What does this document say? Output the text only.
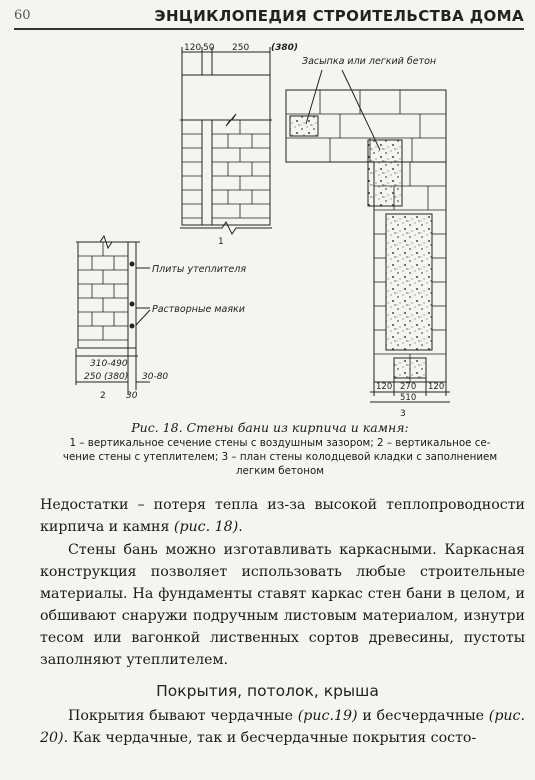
60	ЭНЦИКЛОПЕДИЯ СТРОИТЕЛЬСТВА ДОМА
120 50 250 (380)
1
Засыпка или легкий бетон
Плиты утеплителя
Растворные маяки
310-490
250 (380) 30-80
2 30
120 270 120
510
3
Рис. 18. Стены бани из кирпича и камня:
1 – вертикальное сечение стены с воздушным зазором; 2 – вертикальное се-
чение стены с утеплителем; 3 – план стены колодцевой кладки с заполнением
легким бетоном
Недостатки – потеря тепла из-за высокой теплопроводности кирпича и камня (рис. 18).
Стены бань можно изготавливать каркасными. Каркасная конструкция позволяет использовать любые строительные материалы. На фундаменты ставят каркас стен бани в целом, и обшивают снаружи подручным листовым материалом, изнутри тесом или вагонкой лиственных сортов древесины, пустоты заполняют утеплителем.
Покрытия, потолок, крыша
Покрытия бывают чердачные (рис.19) и бесчердачные (рис. 20). Как чердачные, так и бесчердачные покрытия состо-
